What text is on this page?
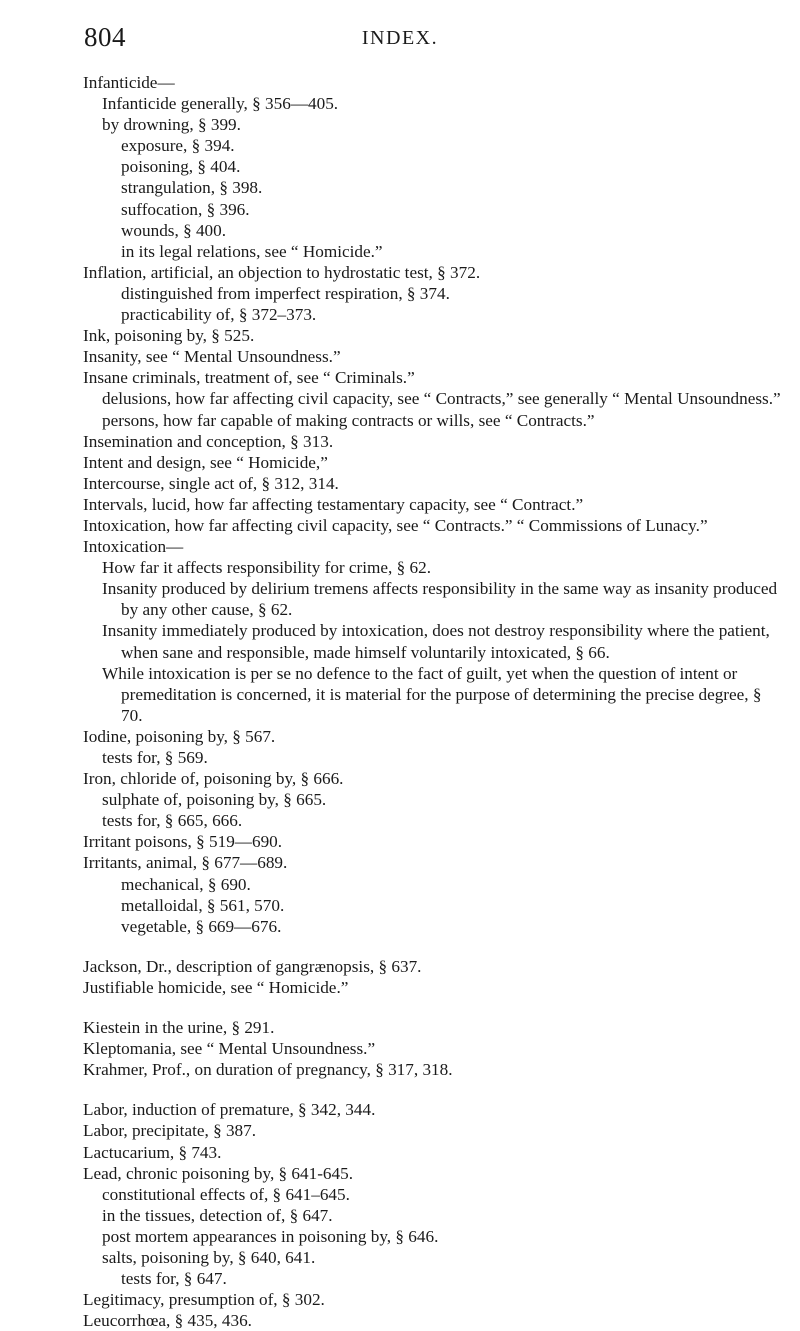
804	INDEX.
Infanticide—
Infanticide generally, § 356—405.
by drowning, § 399.
exposure, § 394.
poisoning, § 404.
strangulation, § 398.
suffocation, § 396.
wounds, § 400.
in its legal relations, see “ Homicide.”
Inflation, artificial, an objection to hydrostatic test, § 372.
distinguished from imperfect respiration, § 374.
practicability of, § 372–373.
Ink, poisoning by, § 525.
Insanity, see “ Mental Unsoundness.”
Insane criminals, treatment of, see “ Criminals.”
delusions, how far affecting civil capacity, see “ Contracts,” see generally “ Mental Unsoundness.”
persons, how far capable of making contracts or wills, see “ Contracts.”
Insemination and conception, § 313.
Intent and design, see “ Homicide,”
Intercourse, single act of, § 312, 314.
Intervals, lucid, how far affecting testamentary capacity, see “ Contract.”
Intoxication, how far affecting civil capacity, see “ Contracts.” “ Commissions of Lunacy.”
Intoxication—
How far it affects responsibility for crime, § 62.
Insanity produced by delirium tremens affects responsibility in the same way as insanity produced by any other cause, § 62.
Insanity immediately produced by intoxication, does not destroy responsibility where the patient, when sane and responsible, made himself voluntarily intoxicated, § 66.
While intoxication is per se no defence to the fact of guilt, yet when the question of intent or premeditation is concerned, it is material for the purpose of determining the precise degree, § 70.
Iodine, poisoning by, § 567.
tests for, § 569.
Iron, chloride of, poisoning by, § 666.
sulphate of, poisoning by, § 665.
tests for, § 665, 666.
Irritant poisons, § 519—690.
Irritants, animal, § 677—689.
mechanical, § 690.
metalloidal, § 561, 570.
vegetable, § 669—676.
Jackson, Dr., description of gangrænopsis, § 637.
Justifiable homicide, see “ Homicide.”
Kiestein in the urine, § 291.
Kleptomania, see “ Mental Unsoundness.”
Krahmer, Prof., on duration of pregnancy, § 317, 318.
Labor, induction of premature, § 342, 344.
Labor, precipitate, § 387.
Lactucarium, § 743.
Lead, chronic poisoning by, § 641-645.
constitutional effects of, § 641–645.
in the tissues, detection of, § 647.
post mortem appearances in poisoning by, § 646.
salts, poisoning by, § 640, 641.
tests for, § 647.
Legitimacy, presumption of, § 302.
Leucorrhœa, § 435, 436.
